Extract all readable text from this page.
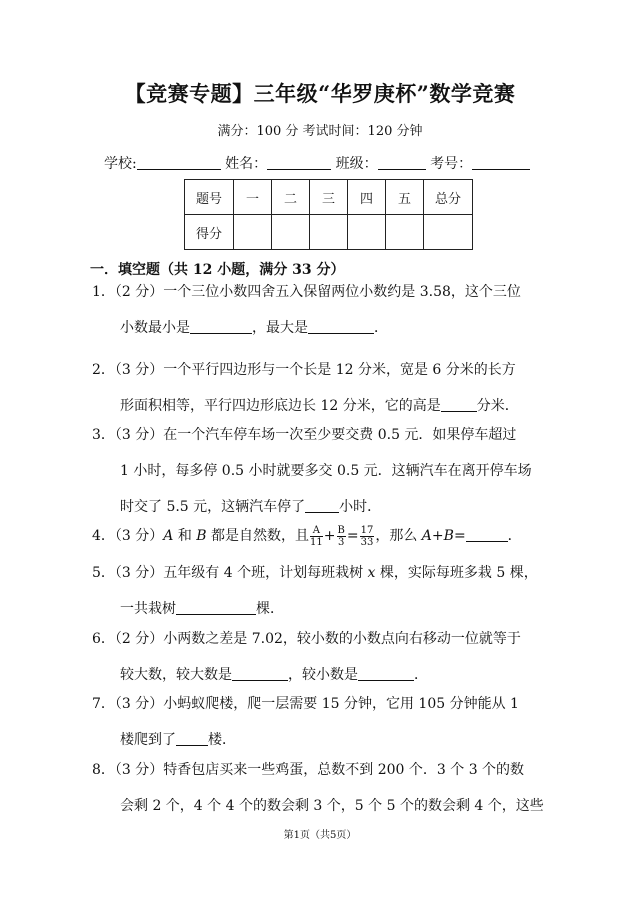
【竞赛专题】三年级“华罗庚杯”数学竞赛
满分：100 分 考试时间：120 分钟
学校:	姓名：	班级：	考号：
题号	一	二	三	四	五	总分
得分						
一．填空题（共 12 小题，满分 33 分）
1．（2 分）一个三位小数四舍五入保留两位小数约是 3.58，这个三位
小数最小是	，最大是	．
2．（3 分）一个平行四边形与一个长是 12 分米，宽是 6 分米的长方
形面积相等，平行四边形底边长 12 分米，它的高是	分米．
3．（3 分）在一个汽车停车场一次至少要交费 0.5 元．如果停车超过
1 小时，每多停 0.5 小时就要多交 0.5 元．这辆汽车在离开停车场
时交了 5.5 元，这辆汽车停了 小时．
4．（3 分）A 和 B 都是自然数，且 $\frac{A}{11} + \frac{B}{3} = \frac{17}{33}$ ，那么 A+B=	．
5．（3 分）五年级有 4 个班，计划每班栽树 x 棵，实际每班多栽 5 棵，
一共栽树	棵．
6．（2 分）小两数之差是 7.02，较小数的小数点向右移动一位就等于
较大数，较大数是	，较小数是	．
7．（3 分）小蚂蚁爬楼，爬一层需要 15 分钟，它用 105 分钟能从 1
楼爬到了 楼．
8．（3 分）特香包店买来一些鸡蛋，总数不到 200 个．3 个 3 个的数
会剩 2 个，4 个 4 个的数会剩 3 个，5 个 5 个的数会剩 4 个，这些
第1页（共5页）
